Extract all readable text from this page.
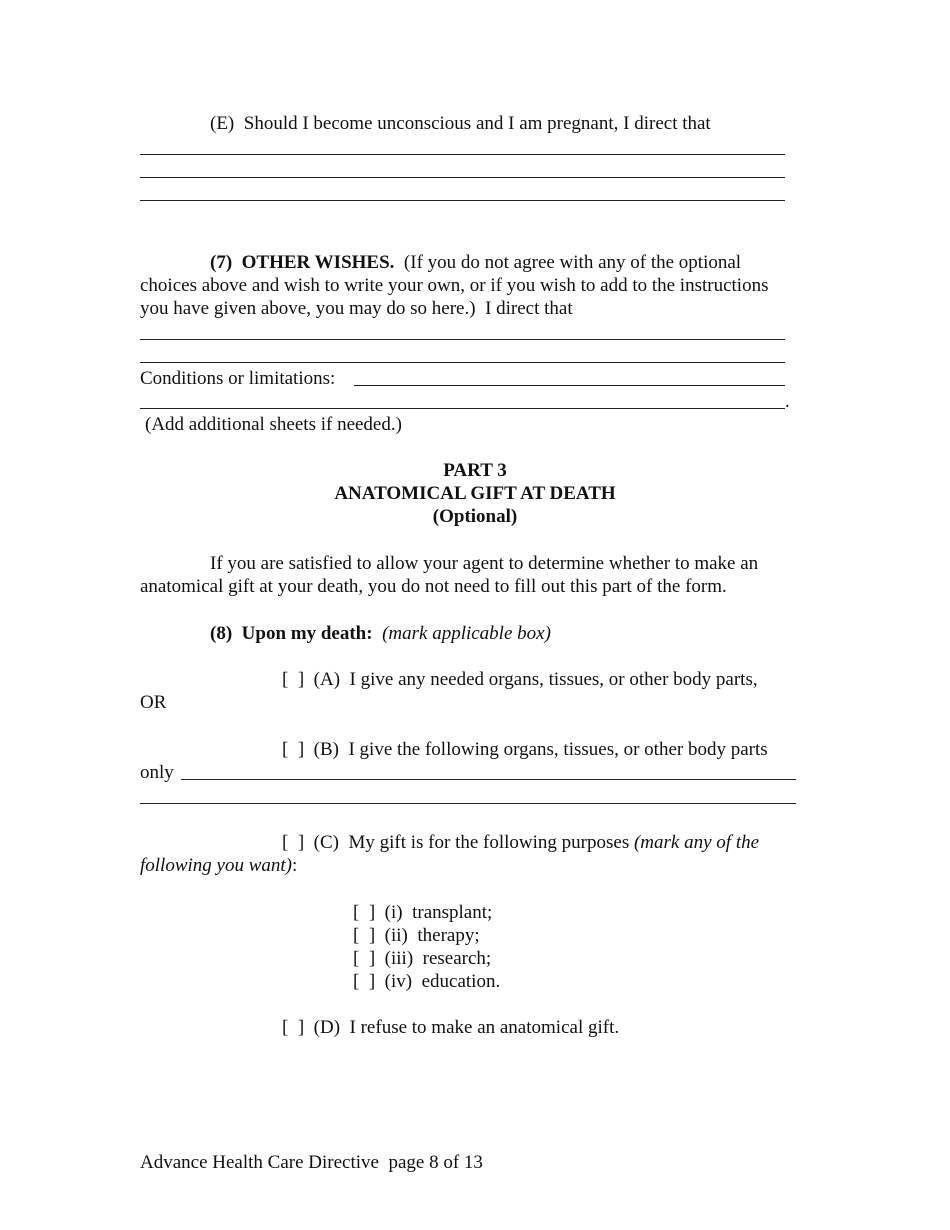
(E)  Should I become unconscious and I am pregnant, I direct that
(7)  OTHER WISHES. (If you do not agree with any of the optional
choices above and wish to write your own, or if you wish to add to the instructions
you have given above, you may do so here.)  I direct that
Conditions or limitations:
.
(Add additional sheets if needed.)
PART 3
ANATOMICAL GIFT AT DEATH
(Optional)
If you are satisfied to allow your agent to determine whether to make an
anatomical gift at your death, you do not need to fill out this part of the form.
(8)  Upon my death: (mark applicable box)
[  ]  (A)  I give any needed organs, tissues, or other body parts,
OR
[  ]  (B)  I give the following organs, tissues, or other body parts
only
[  ]  (C)  My gift is for the following purposes (mark any of the
following you want):
[  ]  (i)  transplant;
[  ]  (ii)  therapy;
[  ]  (iii)  research;
[  ]  (iv)  education.
[  ]  (D)  I refuse to make an anatomical gift.
Advance Health Care Directive  page 8 of 13
